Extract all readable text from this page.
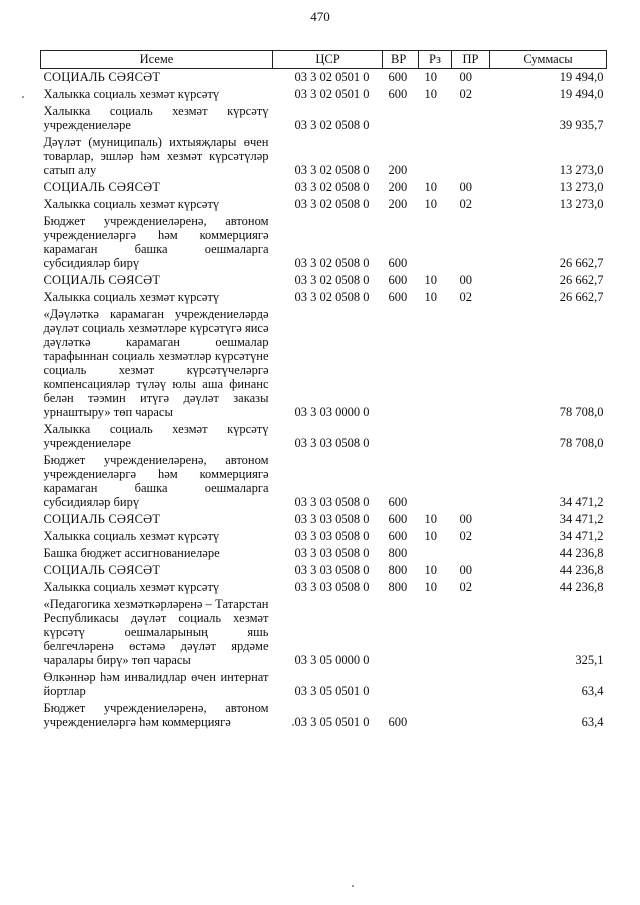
470
Исеме	ЦСР	ВР	Рз	ПР	Суммасы
СОЦИАЛЬ СӘЯСӘТ	03 3 02 0501 0	600	10	00	19 494,0
Халыкка социаль хезмәт күрсәтү	03 3 02 0501 0	600	10	02	19 494,0
Халыкка социаль хезмәт күрсәтү учреждениеләре	03 3 02 0508 0				39 935,7
Дәүләт (муниципаль) ихтыяҗлары өчен товарлар, эшләр һәм хезмәт күрсәтүләр сатып алу	03 3 02 0508 0	200			13 273,0
СОЦИАЛЬ СӘЯСӘТ	03 3 02 0508 0	200	10	00	13 273,0
Халыкка социаль хезмәт күрсәтү	03 3 02 0508 0	200	10	02	13 273,0
Бюджет учреждениеләренә, автоном учреждениеләргә һәм коммерциягә карамаган башка оешмаларга субсидияләр бирү	03 3 02 0508 0	600			26 662,7
СОЦИАЛЬ СӘЯСӘТ	03 3 02 0508 0	600	10	00	26 662,7
Халыкка социаль хезмәт күрсәтү	03 3 02 0508 0	600	10	02	26 662,7
«Дәүләткә карамаган учреждениеләрдә дәүләт социаль хезмәтләре күрсәтүгә яисә дәүләткә карамаган оешмалар тарафыннан социаль хезмәтләр күрсәтүне социаль хезмәт күрсәтүчеләргә компенсацияләр түләү юлы аша финанс белән тәэмин итүгә дәүләт заказы урнаштыру» төп чарасы	03 3 03 0000 0				78 708,0
Халыкка социаль хезмәт күрсәтү учреждениеләре	03 3 03 0508 0				78 708,0
Бюджет учреждениеләренә, автоном учреждениеләргә һәм коммерциягә карамаган башка оешмаларга субсидияләр бирү	03 3 03 0508 0	600			34 471,2
СОЦИАЛЬ СӘЯСӘТ	03 3 03 0508 0	600	10	00	34 471,2
Халыкка социаль хезмәт күрсәтү	03 3 03 0508 0	600	10	02	34 471,2
Башка бюджет ассигнованиеләре	03 3 03 0508 0	800			44 236,8
СОЦИАЛЬ СӘЯСӘТ	03 3 03 0508 0	800	10	00	44 236,8
Халыкка социаль хезмәт күрсәтү	03 3 03 0508 0	800	10	02	44 236,8
«Педагогика хезмәткәрләренә – Татарстан Республикасы дәүләт социаль хезмәт күрсәтү оешмаларының яшь белгечләренә өстәмә дәүләт ярдәме чаралары бирү» төп чарасы	03 3 05 0000 0				325,1
Өлкәннәр һәм инвалидлар өчен интернат йортлар	03 3 05 0501 0				63,4
Бюджет учреждениеләренә, автоном учреждениеләргә һәм коммерциягә	03 3 05 0501 0	600			63,4
